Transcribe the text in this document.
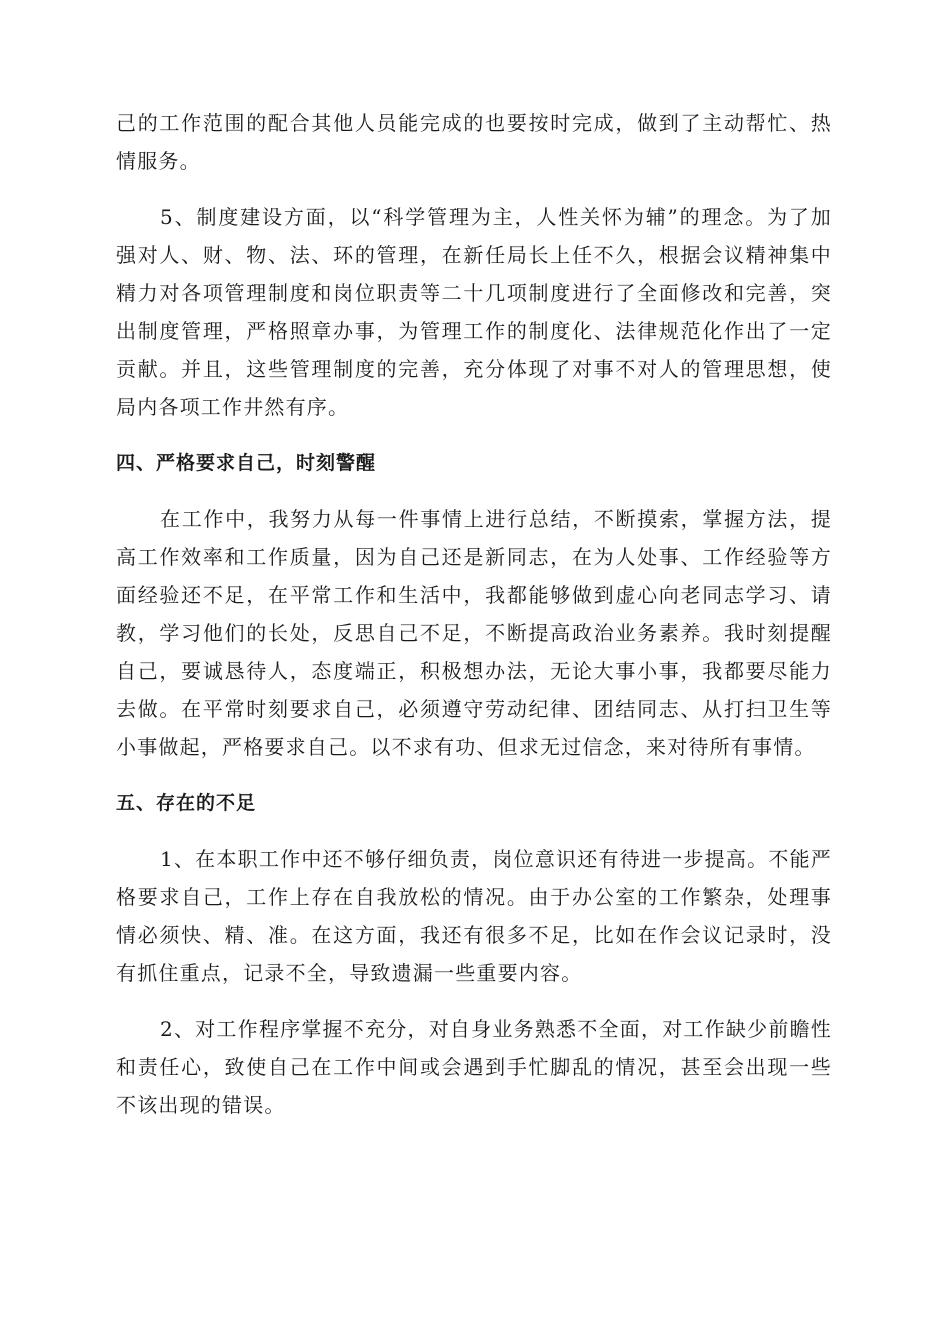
己的工作范围的配合其他人员能完成的也要按时完成，做到了主动帮忙、热情服务。

5、制度建设方面，以“科学管理为主，人性关怀为辅”的理念。为了加强对人、财、物、法、环的管理，在新任局长上任不久，根据会议精神集中精力对各项管理制度和岗位职责等二十几项制度进行了全面修改和完善，突出制度管理，严格照章办事，为管理工作的制度化、法律规范化作出了一定贡献。并且，这些管理制度的完善，充分体现了对事不对人的管理思想，使局内各项工作井然有序。

四、严格要求自己，时刻警醒

在工作中，我努力从每一件事情上进行总结，不断摸索，掌握方法，提高工作效率和工作质量，因为自己还是新同志，在为人处事、工作经验等方面经验还不足，在平常工作和生活中，我都能够做到虚心向老同志学习、请教，学习他们的长处，反思自己不足，不断提高政治业务素养。我时刻提醒自己，要诚恳待人，态度端正，积极想办法，无论大事小事，我都要尽能力去做。在平常时刻要求自己，必须遵守劳动纪律、团结同志、从打扫卫生等小事做起，严格要求自己。以不求有功、但求无过信念，来对待所有事情。

五、存在的不足

1、在本职工作中还不够仔细负责，岗位意识还有待进一步提高。不能严格要求自己，工作上存在自我放松的情况。由于办公室的工作繁杂，处理事情必须快、精、准。在这方面，我还有很多不足，比如在作会议记录时，没有抓住重点，记录不全，导致遗漏一些重要内容。

2、对工作程序掌握不充分，对自身业务熟悉不全面，对工作缺少前瞻性和责任心，致使自己在工作中间或会遇到手忙脚乱的情况，甚至会出现一些不该出现的错误。
